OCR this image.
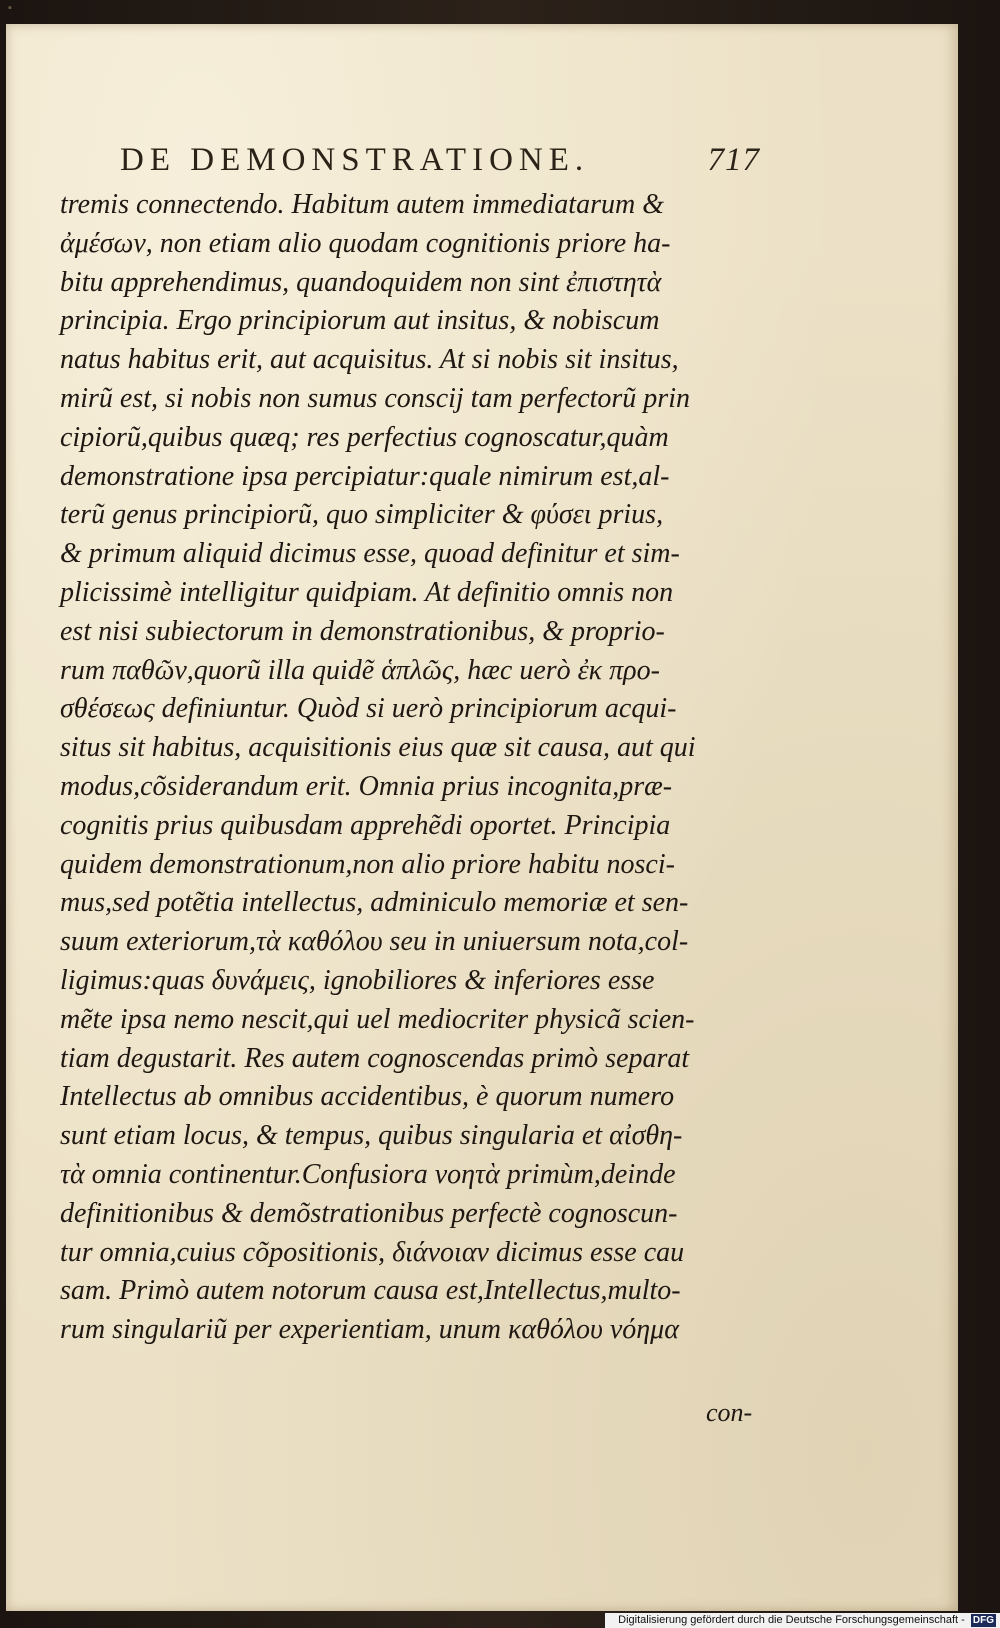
▪
DE DEMONSTRATIONE.	717
tremis connectendo. Habitum autem immediatarum &
ἀμέσων, non etiam alio quodam cognitionis priore ha-
bitu apprehendimus, quandoquidem non sint ἐπιστητὰ
principia. Ergo principiorum aut insitus, & nobiscum
natus habitus erit, aut acquisitus. At si nobis sit insitus,
mirũ est, si nobis non sumus conscij tam perfectorũ prin
cipiorũ,quibus quæq; res perfectius cognoscatur,quàm
demonstratione ipsa percipiatur:quale nimirum est,al-
terũ genus principiorũ, quo simpliciter & φύσει prius,
& primum aliquid dicimus esse, quoad definitur et sim-
plicissimè intelligitur quidpiam. At definitio omnis non
est nisi subiectorum in demonstrationibus, & proprio-
rum παθῶν,quorũ illa quidẽ ἁπλῶς, hæc uerò ἐκ προ-
σθέσεως definiuntur. Quòd si uerò principiorum acqui-
situs sit habitus, acquisitionis eius quæ sit causa, aut qui
modus,cõsiderandum erit. Omnia prius incognita,præ-
cognitis prius quibusdam apprehẽdi oportet. Principia
quidem demonstrationum,non alio priore habitu nosci-
mus,sed potẽtia intellectus, adminiculo memoriæ et sen-
suum exteriorum,τὰ καθόλου seu in uniuersum nota,col-
ligimus:quas δυνάμεις, ignobiliores & inferiores esse
mẽte ipsa nemo nescit,qui uel mediocriter physicã scien-
tiam degustarit. Res autem cognoscendas primò separat
Intellectus ab omnibus accidentibus, è quorum numero
sunt etiam locus, & tempus, quibus singularia et αἰσθη-
τὰ omnia continentur.Confusiora νοητὰ primùm,deinde
definitionibus & demõstrationibus perfectè cognoscun-
tur omnia,cuius cõpositionis, διάνοιαν dicimus esse cau
sam. Primò autem notorum causa est,Intellectus,multo-
rum singulariũ per experientiam, unum καθόλου νόημα
con-
Digitalisierung gefördert durch die Deutsche Forschungsgemeinschaft - DFG
